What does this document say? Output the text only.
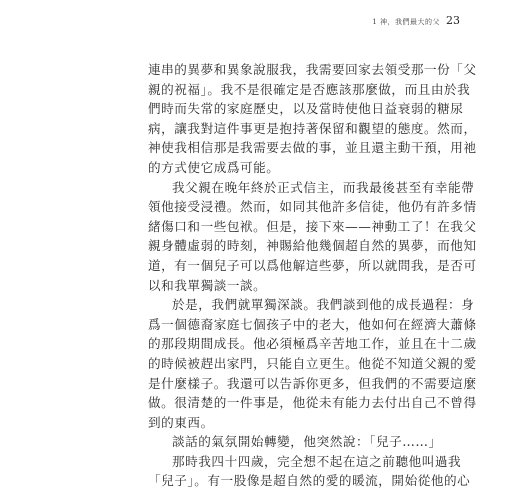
1 神，我們最大的父 23
連串的異夢和異象說服我，我需要回家去領受那一份「父
親的祝福」。我不是很確定是否應該那麼做，而且由於我
們時而失常的家庭歷史，以及當時使他日益衰弱的糖尿
病，讓我對這件事更是抱持著保留和觀望的態度。然而，
神使我相信那是我需要去做的事，並且還主動干預，用祂
的方式使它成爲可能。
我父親在晚年終於正式信主，而我最後甚至有幸能帶
領他接受浸禮。然而，如同其他許多信徒，他仍有許多情
緒傷口和一些包袱。但是，接下來——神動工了！在我父
親身體虛弱的時刻，神賜給他幾個超自然的異夢，而他知
道，有一個兒子可以爲他解這些夢，所以就問我，是否可
以和我單獨談一談。
於是，我們就單獨深談。我們談到他的成長過程：身
爲一個德裔家庭七個孩子中的老大，他如何在經濟大蕭條
的那段期間成長。他必須極爲辛苦地工作，並且在十二歲
的時候被趕出家門，只能自立更生。他從不知道父親的愛
是什麼樣子。我還可以告訴你更多，但我們的不需要這麼
做。很清楚的一件事是，他從未有能力去付出自己不曾得
到的東西。
談話的氣氛開始轉變，他突然說：「兒子……」
那時我四十四歲，完全想不起在這之前聽他叫過我
「兒子」。有一股像是超自然的愛的暖流，開始從他的心
